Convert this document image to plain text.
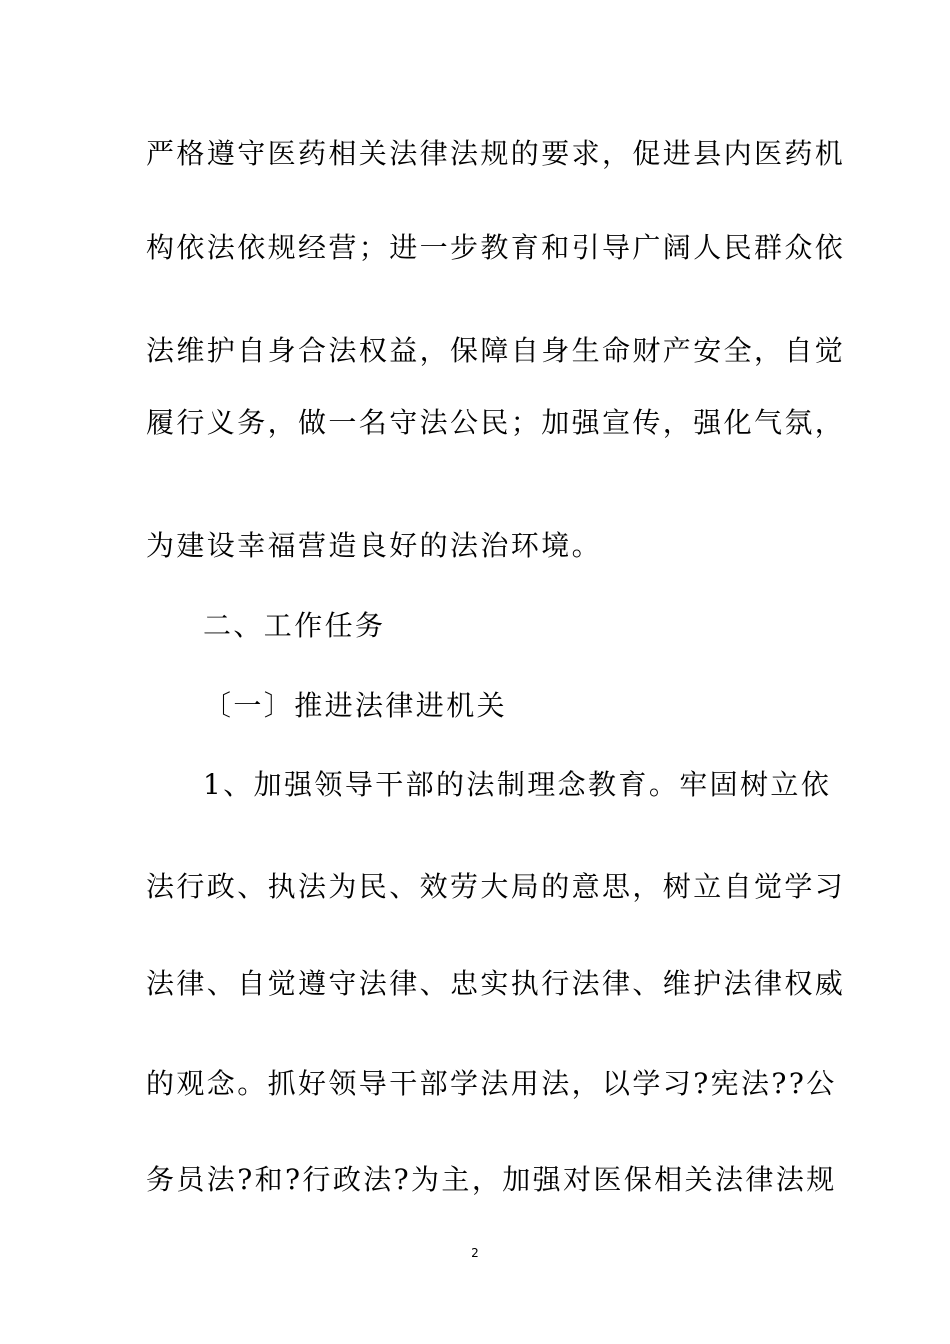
严格遵守医药相关法律法规的要求，促进县内医药机
构依法依规经营；进一步教育和引导广阔人民群众依
法维护自身合法权益，保障自身生命财产安全，自觉
履行义务，做一名守法公民；加强宣传，强化气氛，
为建设幸福营造良好的法治环境。
二、工作任务
〔一〕推进法律进机关
1、加强领导干部的法制理念教育。牢固树立依
法行政、执法为民、效劳大局的意思，树立自觉学习
法律、自觉遵守法律、忠实执行法律、维护法律权威
的观念。抓好领导干部学法用法，以学习?宪法??公
务员法?和?行政法?为主，加强对医保相关法律法规
2
